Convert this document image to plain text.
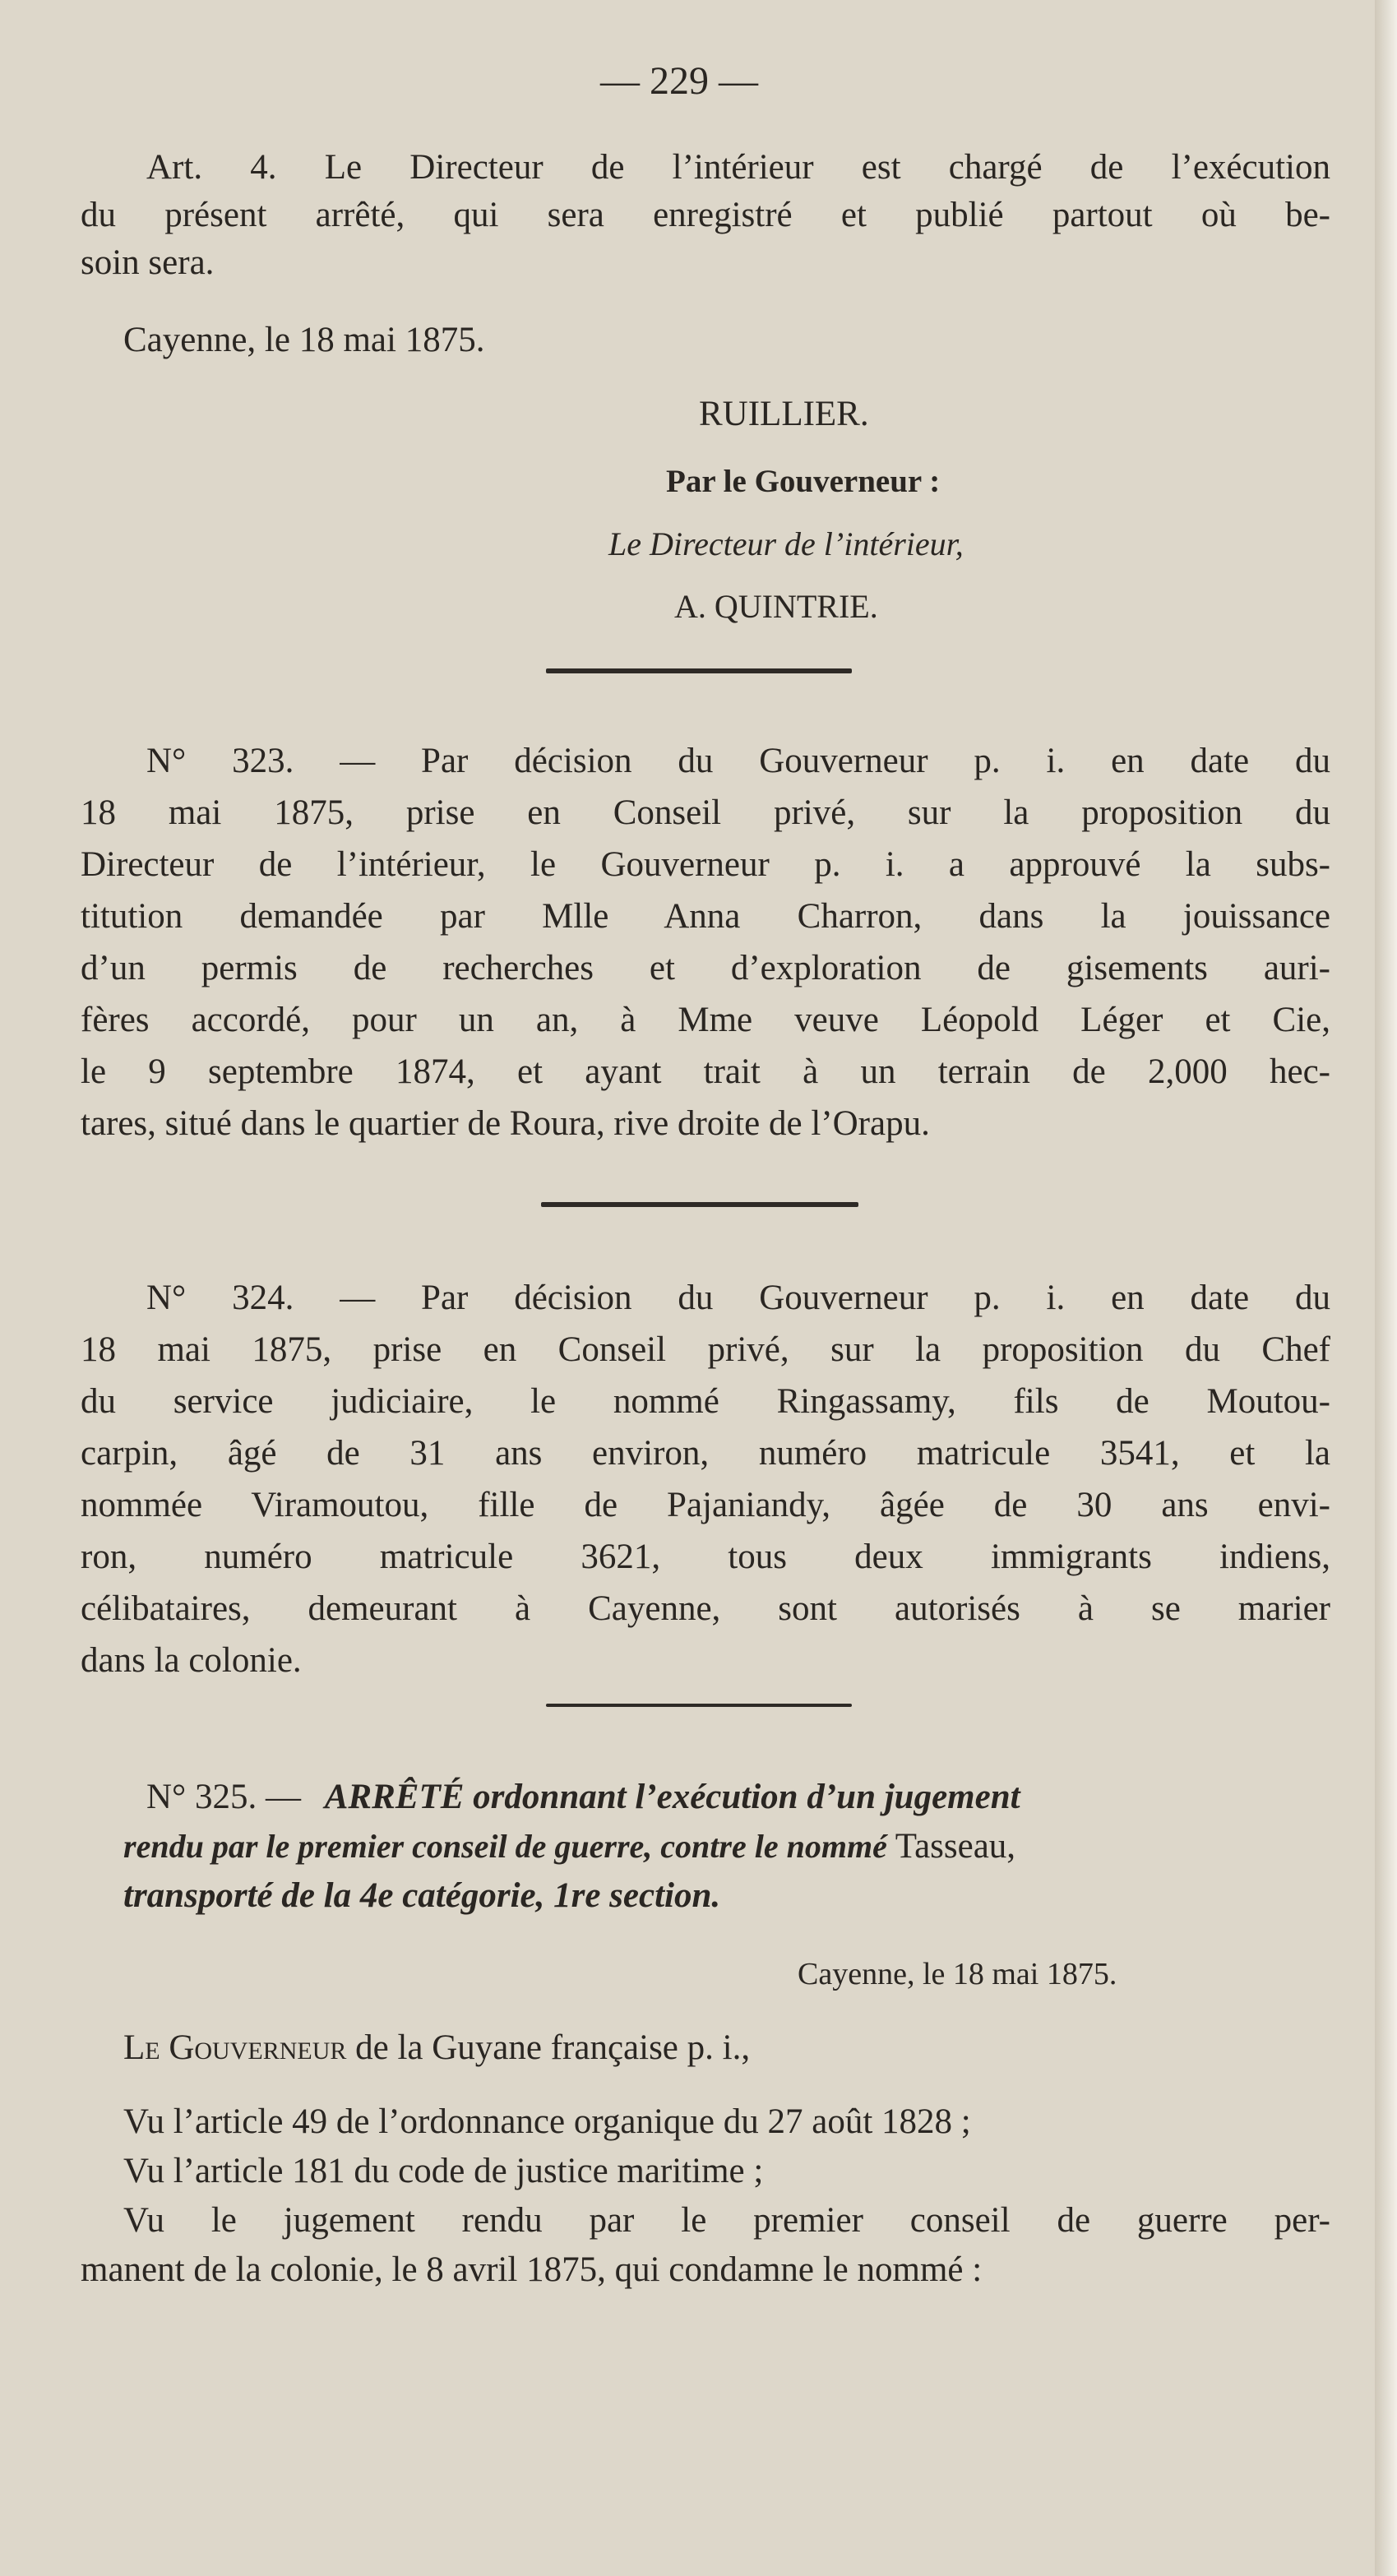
— 229 —
Art. 4. Le Directeur de l’intérieur est chargé de l’exécution
du présent arrêté, qui sera enregistré et publié partout où be-
soin sera.
Cayenne, le 18 mai 1875.
RUILLIER.
Par le Gouverneur :
Le Directeur de l’intérieur,
A. QUINTRIE.
N° 323. — Par décision du Gouverneur p. i. en date du
18 mai 1875, prise en Conseil privé, sur la proposition du
Directeur de l’intérieur, le Gouverneur p. i. a approuvé la subs-
titution demandée par Mlle Anna Charron, dans la jouissance
d’un permis de recherches et d’exploration de gisements auri-
fères accordé, pour un an, à Mme veuve Léopold Léger et Cie,
le 9 septembre 1874, et ayant trait à un terrain de 2,000 hec-
tares, situé dans le quartier de Roura, rive droite de l’Orapu.
N° 324. — Par décision du Gouverneur p. i. en date du
18 mai 1875, prise en Conseil privé, sur la proposition du Chef
du service judiciaire, le nommé Ringassamy, fils de Moutou-
carpin, âgé de 31 ans environ, numéro matricule 3541, et la
nommée Viramoutou, fille de Pajaniandy, âgée de 30 ans envi-
ron, numéro matricule 3621, tous deux immigrants indiens,
célibataires, demeurant à Cayenne, sont autorisés à se marier
dans la colonie.
N° 325. — ARRÊTÉ ordonnant l’exécution d’un jugement
rendu par le premier conseil de guerre, contre le nommé Tasseau,
transporté de la 4e catégorie, 1re section.
Cayenne, le 18 mai 1875.
Le Gouverneur de la Guyane française p. i.,
Vu l’article 49 de l’ordonnance organique du 27 août 1828 ;
Vu l’article 181 du code de justice maritime ;
Vu le jugement rendu par le premier conseil de guerre per-
manent de la colonie, le 8 avril 1875, qui condamne le nommé :
